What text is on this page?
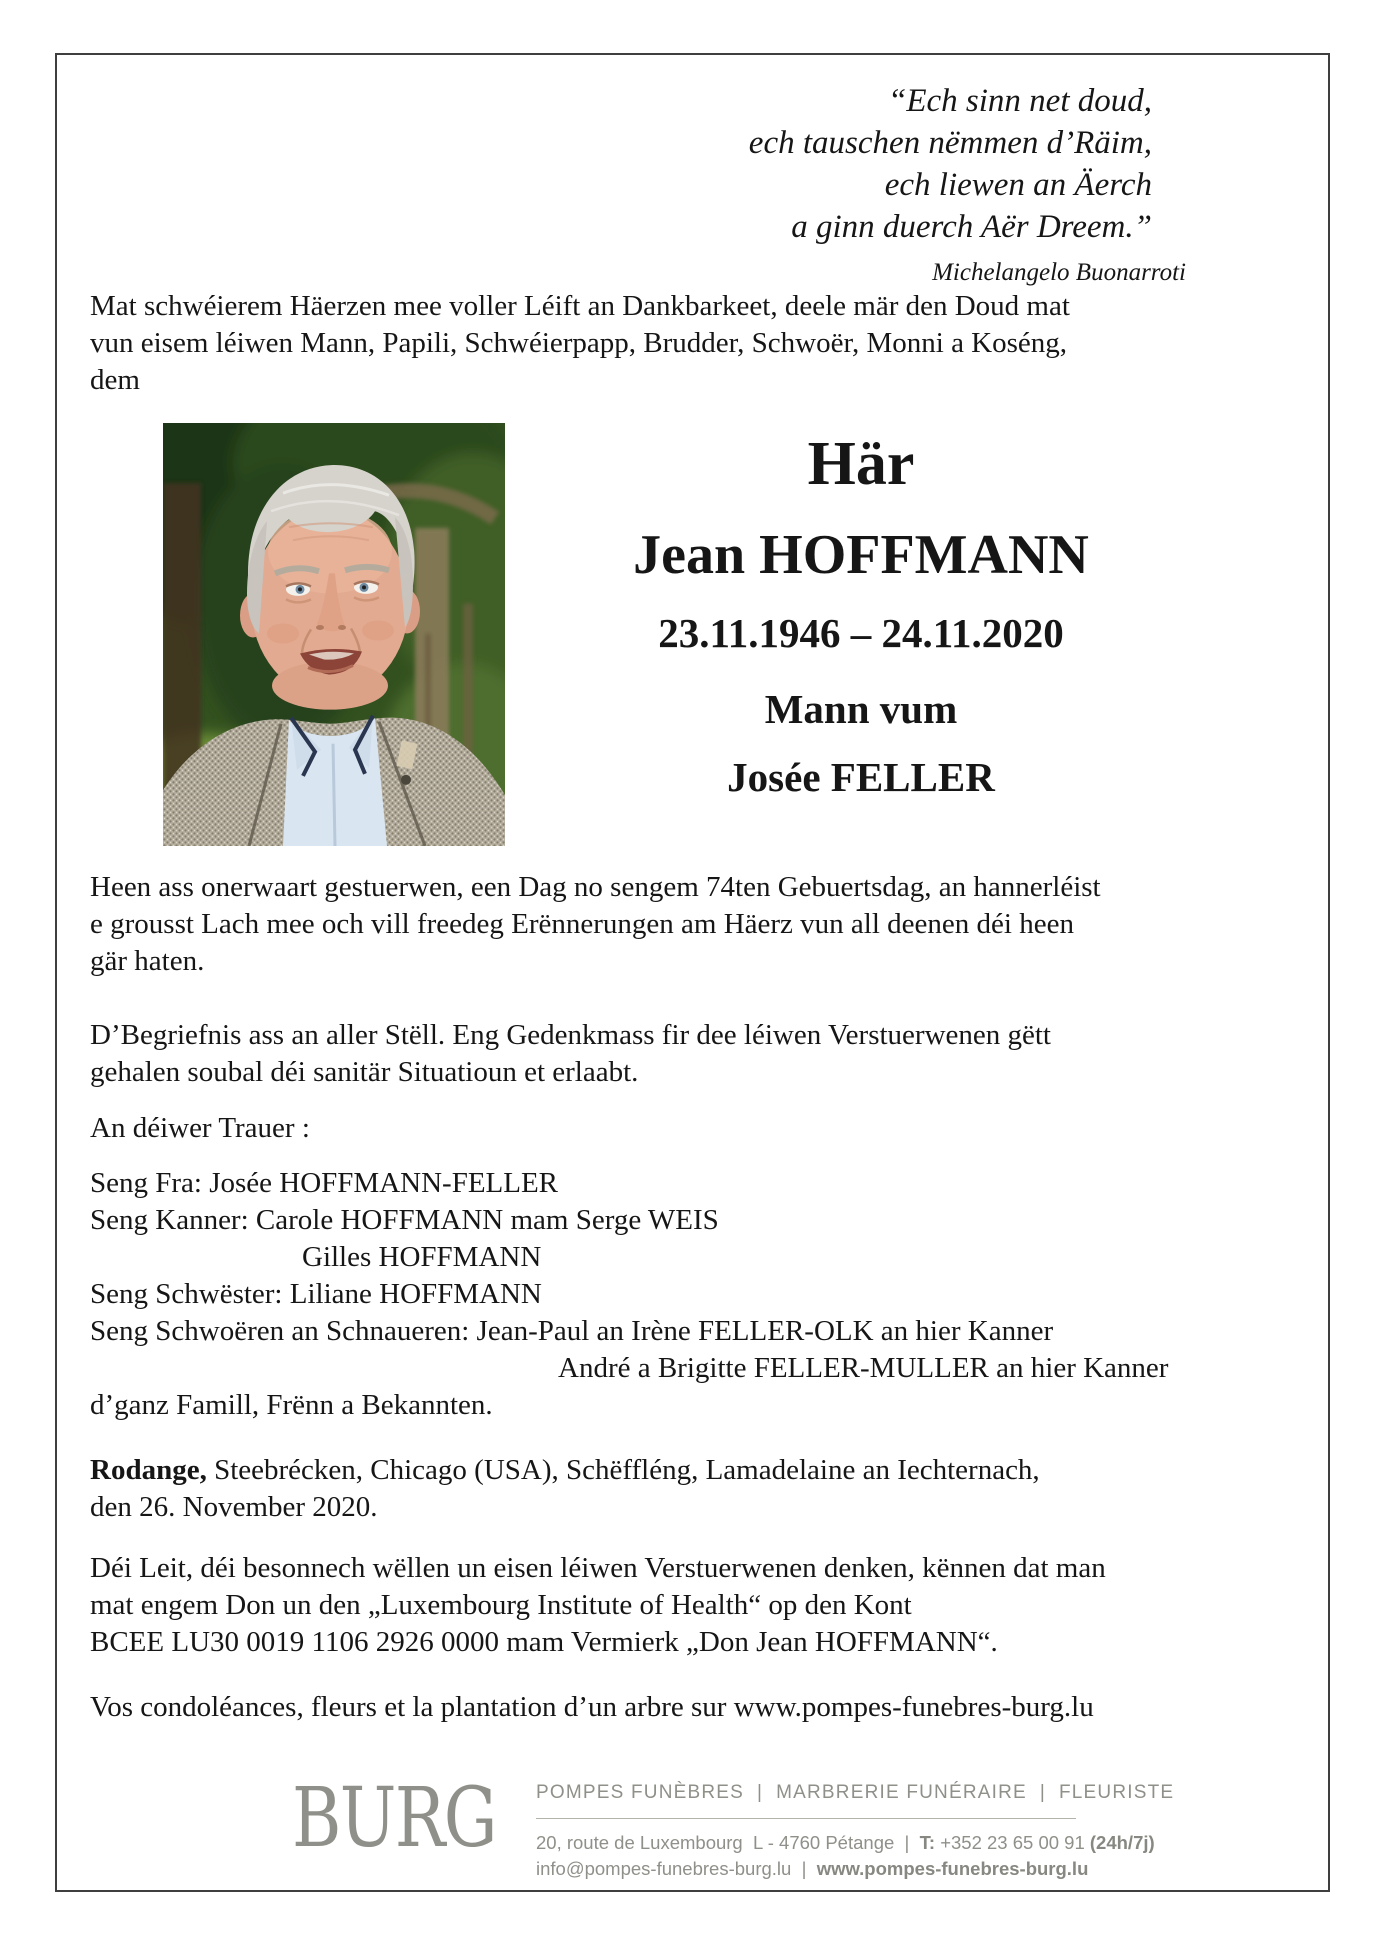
“Ech sinn net doud,
ech tauschen nëmmen d’Räim,
ech liewen an Äerch
a ginn duerch Aër Dreem.”
Michelangelo Buonarroti
Mat schwéierem Häerzen mee voller Léift an Dankbarkeet, deele mär den Doud mat
vun eisem léiwen Mann, Papili, Schwéierpapp, Brudder, Schwoër, Monni a Koséng,
dem
Här
Jean HOFFMANN
23.11.1946 – 24.11.2020
Mann vum
Josée FELLER
Heen ass onerwaart gestuerwen, een Dag no sengem 74ten Gebuertsdag, an hannerléist
e grousst Lach mee och vill freedeg Erënnerungen am Häerz vun all deenen déi heen
gär haten.
D’Begriefnis ass an aller Stëll. Eng Gedenkmass fir dee léiwen Verstuerwenen gëtt
gehalen soubal déi sanitär Situatioun et erlaabt.
An déiwer Trauer :
Seng Fra: Josée HOFFMANN-FELLER
Seng Kanner: Carole HOFFMANN mam Serge WEIS
Gilles HOFFMANN
Seng Schwëster: Liliane HOFFMANN
Seng Schwoëren an Schnaueren: Jean-Paul an Irène FELLER-OLK an hier Kanner
André a Brigitte FELLER-MULLER an hier Kanner
d’ganz Famill, Frënn a Bekannten.
Rodange, Steebrécken, Chicago (USA), Schëffléng, Lamadelaine an Iechternach,
den 26. November 2020.
Déi Leit, déi besonnech wëllen un eisen léiwen Verstuerwenen denken, kënnen dat man
mat engem Don un den „Luxembourg Institute of Health“ op den Kont
BCEE LU30 0019 1106 2926 0000 mam Vermierk „Don Jean HOFFMANN“.
Vos condoléances, fleurs et la plantation d’un arbre sur www.pompes-funebres-burg.lu
BURG POMPES FUNÈBRES  |  MARBRERIE FUNÉRAIRE  |  FLEURISTE
20, route de Luxembourg  L - 4760 Pétange  |  T: +352 23 65 00 91 (24h/7j)
info@pompes-funebres-burg.lu  |  www.pompes-funebres-burg.lu
